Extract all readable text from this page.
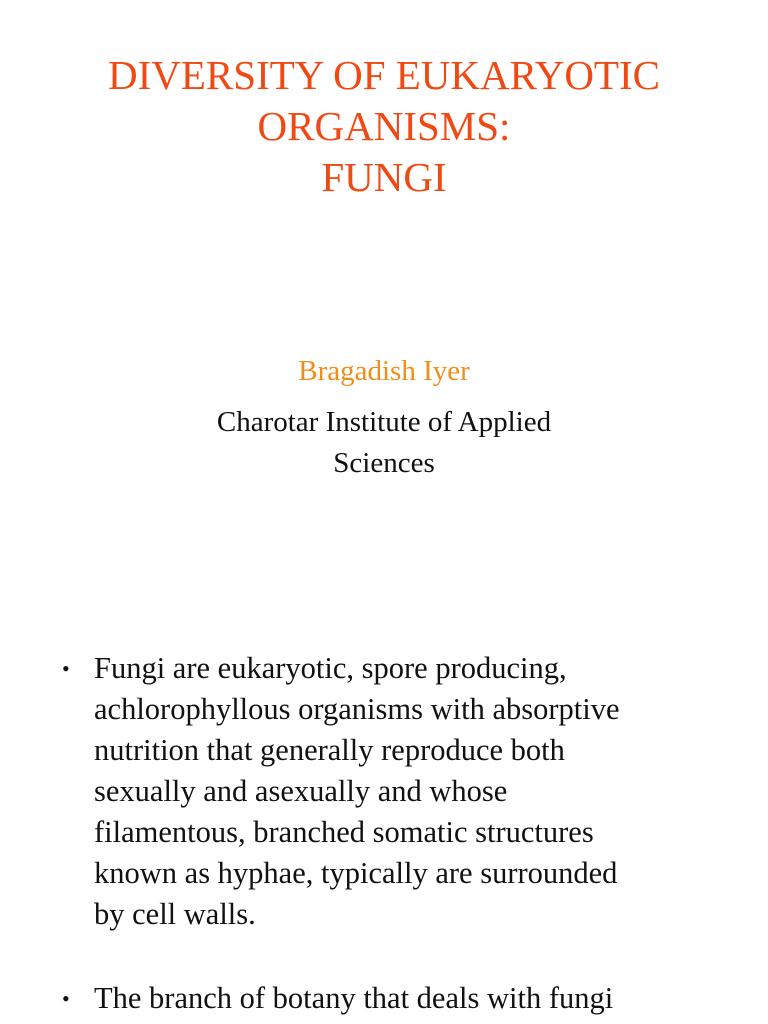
DIVERSITY OF EUKARYOTIC
ORGANISMS:
FUNGI

Bragadish Iyer

Charotar Institute of Applied
Sciences

• Fungi are eukaryotic, spore producing,
achlorophyllous organisms with absorptive
nutrition that generally reproduce both
sexually and asexually and whose
filamentous, branched somatic structures
known as hyphae, typically are surrounded
by cell walls.
• The branch of botany that deals with fungi
